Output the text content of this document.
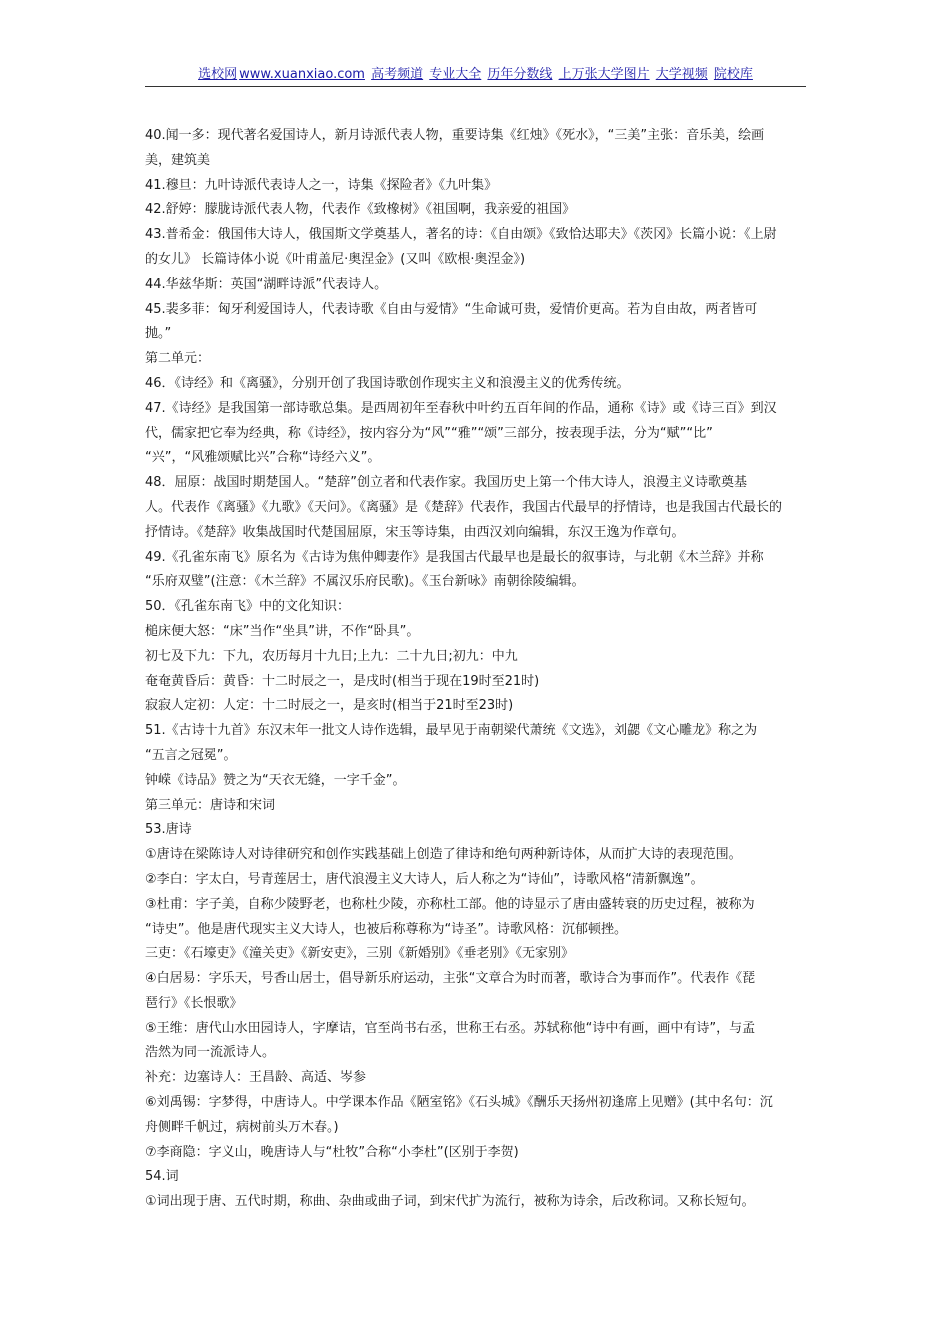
选校网 www.xuanxiao.com 高考频道 专业大全 历年分数线 上万张大学图片 大学视频 院校库
40.闻一多：现代著名爱国诗人，新月诗派代表人物，重要诗集《红烛》《死水》，“三美”主张：音乐美，绘画
美，建筑美
41.穆旦：九叶诗派代表诗人之一，诗集《探险者》《九叶集》
42.舒婷：朦胧诗派代表人物，代表作《致橡树》《祖国啊，我亲爱的祖国》
43.普希金：俄国伟大诗人，俄国斯文学奠基人，著名的诗：《自由颂》《致恰达耶夫》《茨冈》长篇小说：《上尉
的女儿》 长篇诗体小说《叶甫盖尼·奥涅金》(又叫《欧根·奥涅金》)
44.华兹华斯：英国“湖畔诗派”代表诗人。
45.裴多菲：匈牙利爱国诗人，代表诗歌《自由与爱情》“生命诚可贵，爱情价更高。若为自由故，两者皆可
抛。”
第二单元：
46．《诗经》和《离骚》，分别开创了我国诗歌创作现实主义和浪漫主义的优秀传统。
47.《诗经》是我国第一部诗歌总集。是西周初年至春秋中叶约五百年间的作品，通称《诗》或《诗三百》到汉
代，儒家把它奉为经典，称《诗经》，按内容分为“风”“雅”“颂”三部分，按表现手法，分为“赋”“比”
“兴”，“风雅颂赋比兴”合称“诗经六义”。
48．屈原：战国时期楚国人。“楚辞”创立者和代表作家。我国历史上第一个伟大诗人，浪漫主义诗歌奠基
人。代表作《离骚》《九歌》《天问》。《离骚》是《楚辞》代表作，我国古代最早的抒情诗，也是我国古代最长的
抒情诗。《楚辞》收集战国时代楚国屈原，宋玉等诗集，由西汉刘向编辑，东汉王逸为作章句。
49.《孔雀东南飞》原名为《古诗为焦仲卿妻作》是我国古代最早也是最长的叙事诗，与北朝《木兰辞》并称
“乐府双璧”(注意：《木兰辞》不属汉乐府民歌)。《玉台新咏》南朝徐陵编辑。
50．《孔雀东南飞》中的文化知识：
槌床便大怒：“床”当作“坐具”讲，不作“卧具”。
初七及下九：下九，农历每月十九日;上九：二十九日;初九：中九
奄奄黄昏后：黄昏：十二时辰之一，是戌时(相当于现在19时至21时)
寂寂人定初：人定：十二时辰之一，是亥时(相当于21时至23时)
51.《古诗十九首》东汉末年一批文人诗作选辑，最早见于南朝梁代萧统《文选》，刘勰《文心雕龙》称之为
“五言之冠冕”。
钟嵘《诗品》赞之为“天衣无缝，一字千金”。
第三单元：唐诗和宋词
53.唐诗
①唐诗在梁陈诗人对诗律研究和创作实践基础上创造了律诗和绝句两种新诗体，从而扩大诗的表现范围。
②李白：字太白，号青莲居士，唐代浪漫主义大诗人，后人称之为“诗仙”，诗歌风格“清新飘逸”。
③杜甫：字子美，自称少陵野老，也称杜少陵，亦称杜工部。他的诗显示了唐由盛转衰的历史过程，被称为
“诗史”。他是唐代现实主义大诗人，也被后称尊称为“诗圣”。诗歌风格：沉郁顿挫。
三吏：《石壕吏》《潼关吏》《新安吏》，三别《新婚别》《垂老别》《无家别》
④白居易：字乐天，号香山居士，倡导新乐府运动，主张“文章合为时而著，歌诗合为事而作”。代表作《琵
琶行》《长恨歌》
⑤王维：唐代山水田园诗人，字摩诘，官至尚书右丞，世称王右丞。苏轼称他“诗中有画，画中有诗”，与孟
浩然为同一流派诗人。
补充：边塞诗人：王昌龄、高适、岑参
⑥刘禹锡：字梦得，中唐诗人。中学课本作品《陋室铭》《石头城》《酬乐天扬州初逢席上见赠》(其中名句：沉
舟侧畔千帆过，病树前头万木春。)
⑦李商隐：字义山，晚唐诗人与“杜牧”合称“小李杜”(区别于李贺)
54.词
①词出现于唐、五代时期，称曲、杂曲或曲子词，到宋代扩为流行，被称为诗余，后改称词。又称长短句。
